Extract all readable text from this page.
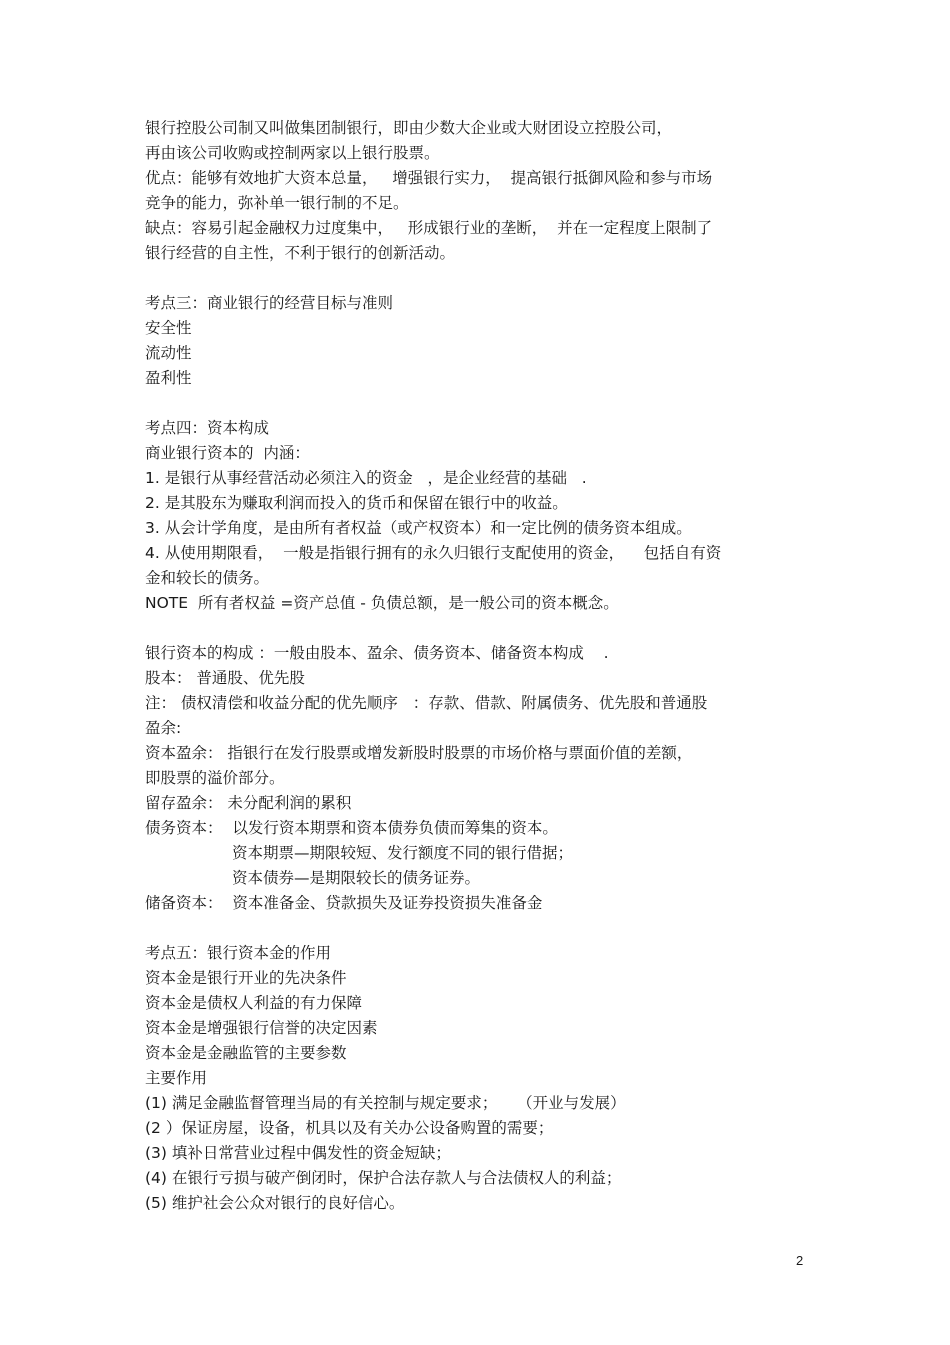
银行控股公司制又叫做集团制银行，即由少数大企业或大财团设立控股公司，
再由该公司收购或控制两家以上银行股票。
优点：能够有效地扩大资本总量，   增强银行实力，  提高银行抵御风险和参与市场
竞争的能力，弥补单一银行制的不足。
缺点：容易引起金融权力过度集中，   形成银行业的垄断，  并在一定程度上限制了
银行经营的自主性，不利于银行的创新活动。
考点三：商业银行的经营目标与准则
安全性
流动性
盈利性
考点四：资本构成
商业银行资本的  内涵：
1. 是银行从事经营活动必须注入的资金   ，是企业经营的基础   .
2. 是其股东为赚取利润而投入的货币和保留在银行中的收益。
3. 从会计学角度，是由所有者权益（或产权资本）和一定比例的债务资本组成。
4. 从使用期限看，  一般是指银行拥有的永久归银行支配使用的资金，    包括自有资
金和较长的债务。
NOTE  所有者权益 =资产总值 - 负债总额，是一般公司的资本概念。
银行资本的构成 ：一般由股本、盈余、债务资本、储备资本构成    .
股本： 普通股、优先股
注： 债权清偿和收益分配的优先顺序   ：存款、借款、附属债务、优先股和普通股
盈余:
资本盈余： 指银行在发行股票或增发新股时股票的市场价格与票面价值的差额，
即股票的溢价部分。
留存盈余： 未分配利润的累积
债务资本：  以发行资本期票和资本债券负债而筹集的资本。
资本期票—期限较短、发行额度不同的银行借据；
资本债券—是期限较长的债务证券。
储备资本：  资本准备金、贷款损失及证券投资损失准备金
考点五：银行资本金的作用
资本金是银行开业的先决条件
资本金是债权人利益的有力保障
资本金是增强银行信誉的决定因素
资本金是金融监管的主要参数
主要作用
(1) 满足金融监督管理当局的有关控制与规定要求；    （开业与发展）
(2 ）保证房屋，设备，机具以及有关办公设备购置的需要；
(3) 填补日常营业过程中偶发性的资金短缺；
(4) 在银行亏损与破产倒闭时，保护合法存款人与合法债权人的利益；
(5) 维护社会公众对银行的良好信心。
2
